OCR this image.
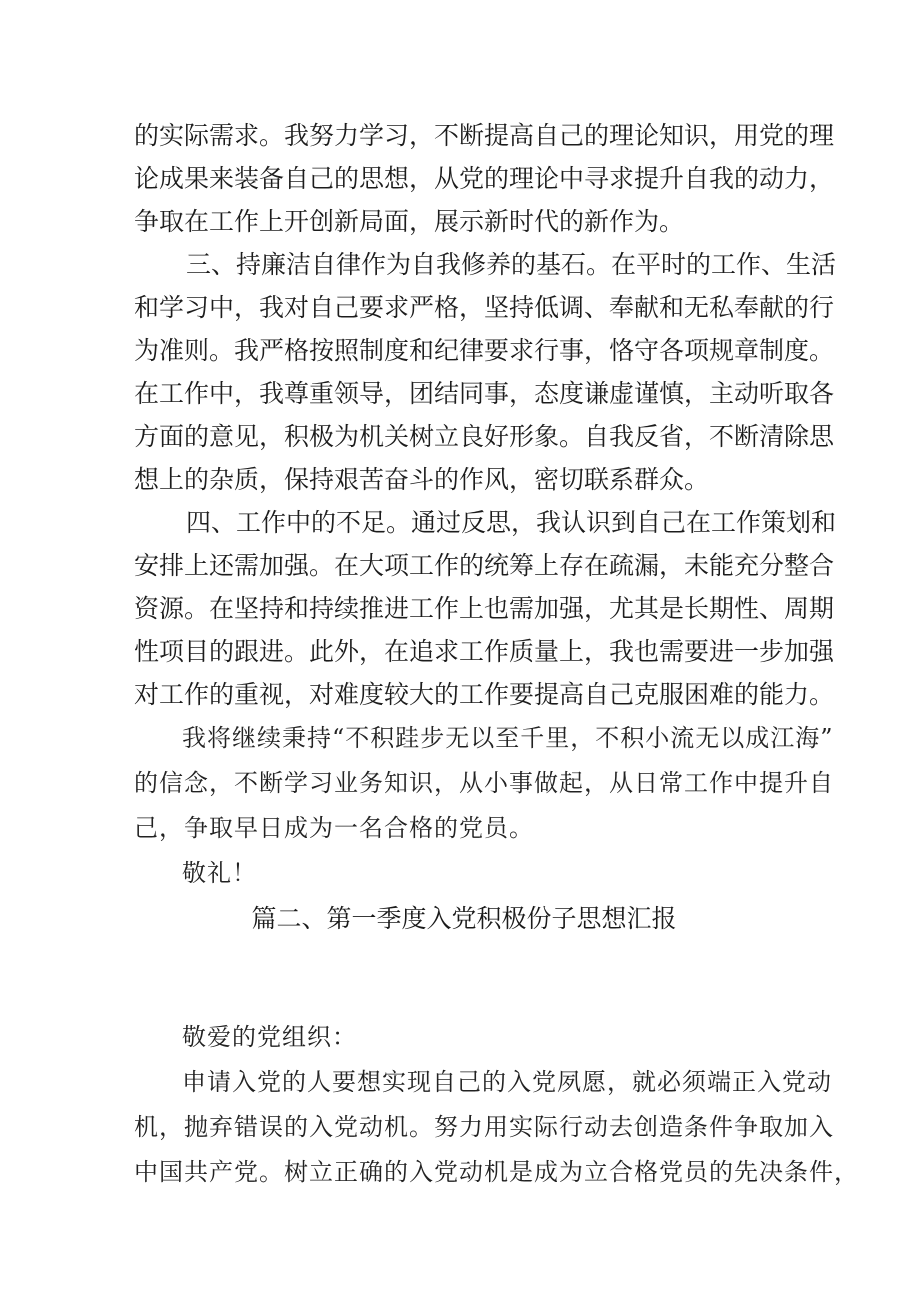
的实际需求。我努力学习，不断提高自己的理论知识，用党的理
论成果来装备自己的思想，从党的理论中寻求提升自我的动力，
争取在工作上开创新局面，展示新时代的新作为。
三、持廉洁自律作为自我修养的基石。在平时的工作、生活
和学习中，我对自己要求严格，坚持低调、奉献和无私奉献的行
为准则。我严格按照制度和纪律要求行事，恪守各项规章制度。
在工作中，我尊重领导，团结同事，态度谦虚谨慎，主动听取各
方面的意见，积极为机关树立良好形象。自我反省，不断清除思
想上的杂质，保持艰苦奋斗的作风，密切联系群众。
四、工作中的不足。通过反思，我认识到自己在工作策划和
安排上还需加强。在大项工作的统筹上存在疏漏，未能充分整合
资源。在坚持和持续推进工作上也需加强，尤其是长期性、周期
性项目的跟进。此外，在追求工作质量上，我也需要进一步加强
对工作的重视，对难度较大的工作要提高自己克服困难的能力。
我将继续秉持“不积跬步无以至千里，不积小流无以成江海”
的信念，不断学习业务知识，从小事做起，从日常工作中提升自
己，争取早日成为一名合格的党员。
敬礼！
篇二、第一季度入党积极份子思想汇报
敬爱的党组织：
申请入党的人要想实现自己的入党夙愿，就必须端正入党动
机，抛弃错误的入党动机。努力用实际行动去创造条件争取加入
中国共产党。树立正确的入党动机是成为立合格党员的先决条件，
